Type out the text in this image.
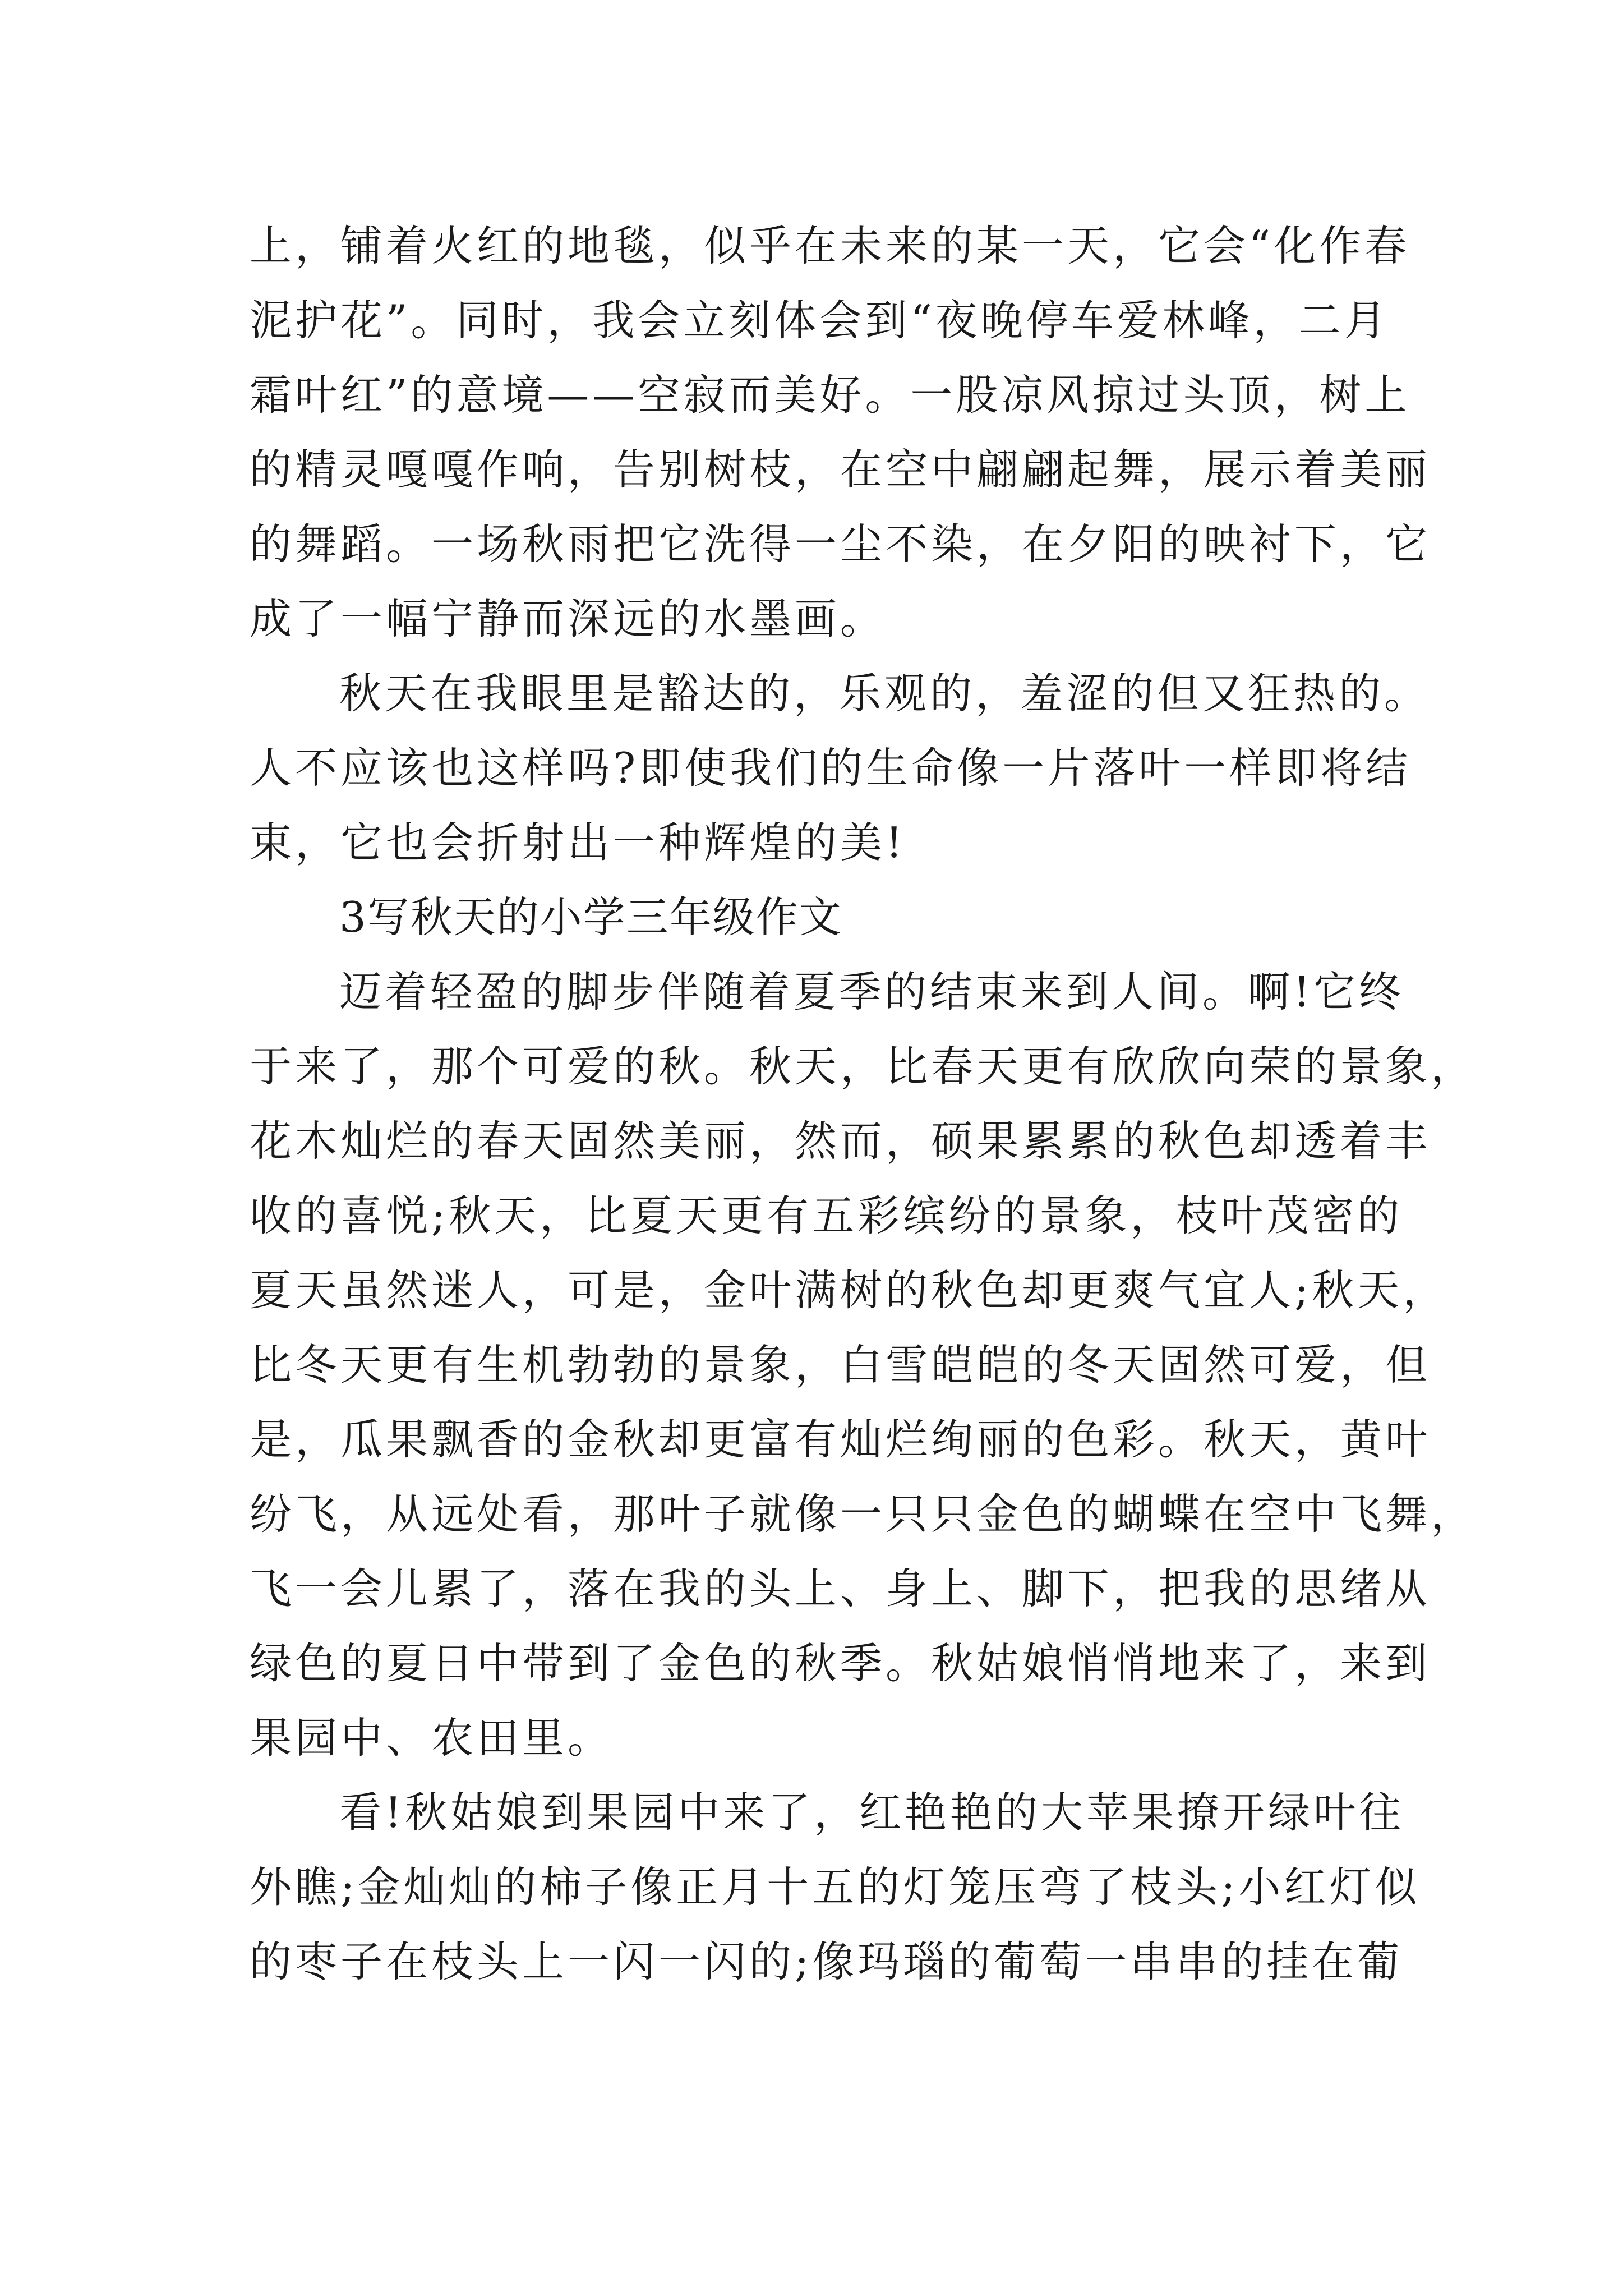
上，铺着火红的地毯，似乎在未来的某一天，它会“化作春
泥护花”。同时，我会立刻体会到“夜晚停车爱林峰，二月
霜叶红”的意境——空寂而美好。一股凉风掠过头顶，树上
的精灵嘎嘎作响，告别树枝，在空中翩翩起舞，展示着美丽
的舞蹈。一场秋雨把它洗得一尘不染，在夕阳的映衬下，它
成了一幅宁静而深远的水墨画。
秋天在我眼里是豁达的，乐观的，羞涩的但又狂热的。
人不应该也这样吗?即使我们的生命像一片落叶一样即将结
束，它也会折射出一种辉煌的美!
3写秋天的小学三年级作文
迈着轻盈的脚步伴随着夏季的结束来到人间。啊!它终
于来了，那个可爱的秋。秋天，比春天更有欣欣向荣的景象，
花木灿烂的春天固然美丽，然而，硕果累累的秋色却透着丰
收的喜悦;秋天，比夏天更有五彩缤纷的景象，枝叶茂密的
夏天虽然迷人，可是，金叶满树的秋色却更爽气宜人;秋天，
比冬天更有生机勃勃的景象，白雪皑皑的冬天固然可爱，但
是，瓜果飘香的金秋却更富有灿烂绚丽的色彩。秋天，黄叶
纷飞，从远处看，那叶子就像一只只金色的蝴蝶在空中飞舞，
飞一会儿累了，落在我的头上、身上、脚下，把我的思绪从
绿色的夏日中带到了金色的秋季。秋姑娘悄悄地来了，来到
果园中、农田里。
看!秋姑娘到果园中来了，红艳艳的大苹果撩开绿叶往
外瞧;金灿灿的柿子像正月十五的灯笼压弯了枝头;小红灯似
的枣子在枝头上一闪一闪的;像玛瑙的葡萄一串串的挂在葡
